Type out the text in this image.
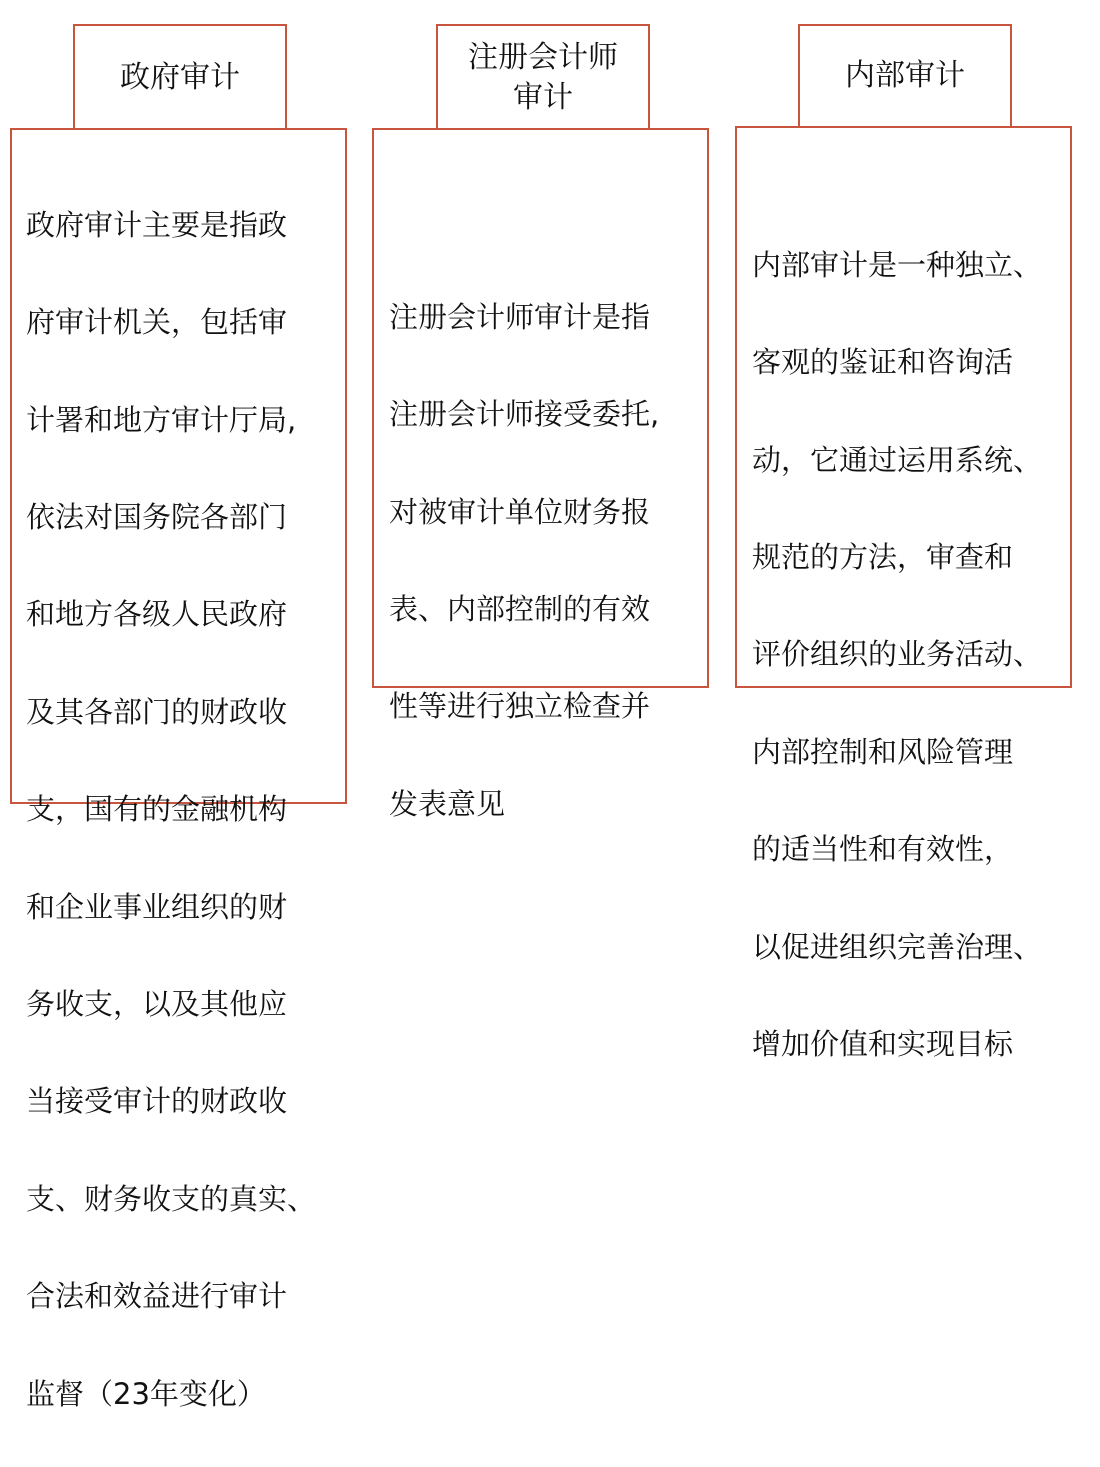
政府审计

政府审计主要是指政

府审计机关，包括审

计署和地方审计厅局,

依法对国务院各部门

和地方各级人民政府

及其各部门的财政收

支，国有的金融机构

和企业事业组织的财

务收支，以及其他应

当接受审计的财政收

支、财务收支的真实、

合法和效益进行审计

监督（23年变化）

注册会计师
审计

注册会计师审计是指

注册会计师接受委托,

对被审计单位财务报

表、内部控制的有效

性等进行独立检查并

发表意见

内部审计

内部审计是一种独立、

客观的鉴证和咨询活

动，它通过运用系统、

规范的方法，审查和

评价组织的业务活动、

内部控制和风险管理

的适当性和有效性，

以促进组织完善治理、

增加价值和实现目标
